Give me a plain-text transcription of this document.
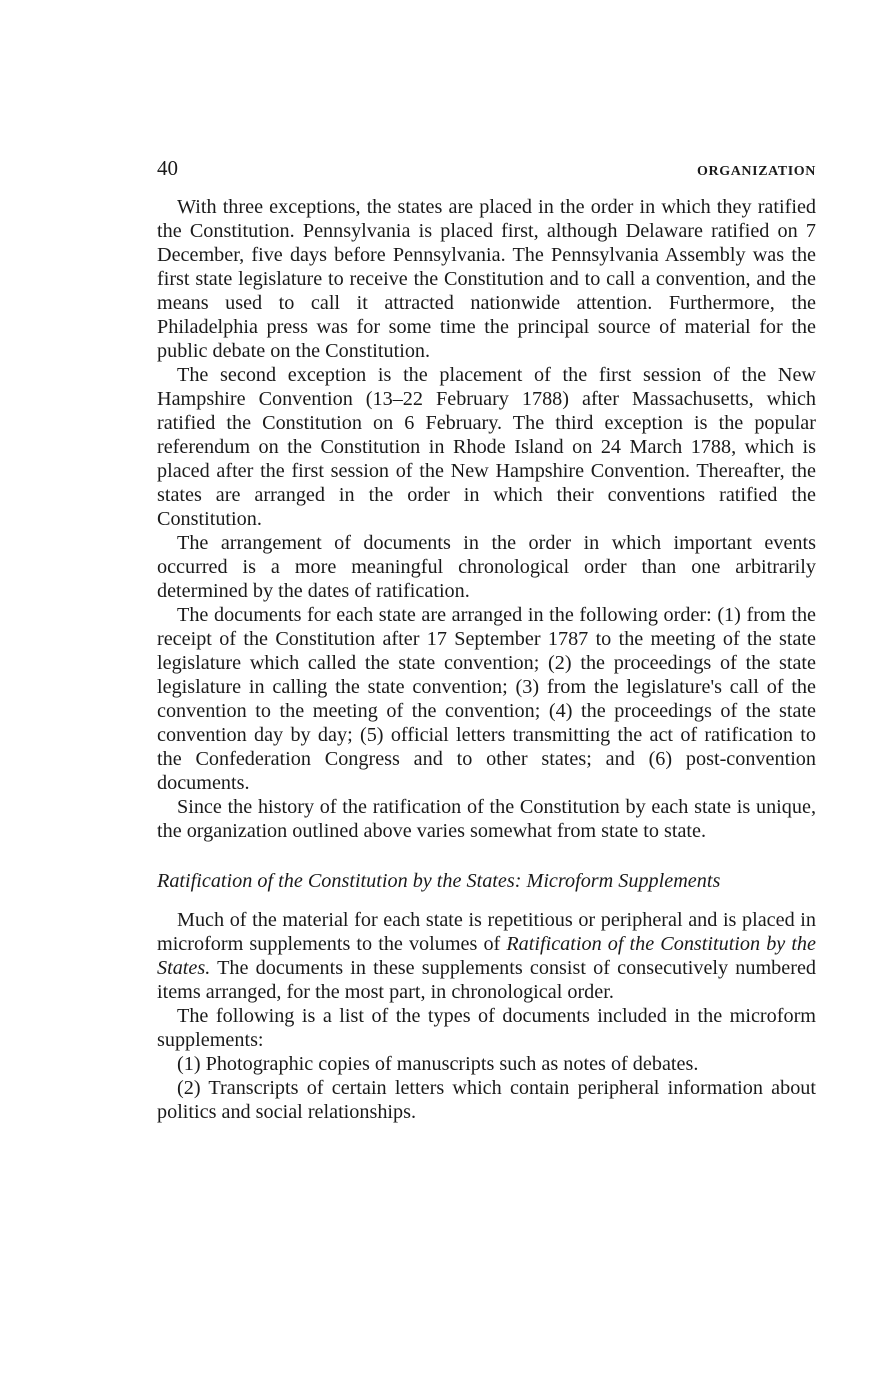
40	ORGANIZATION

With three exceptions, the states are placed in the order in which they ratified the Constitution. Pennsylvania is placed first, although Delaware ratified on 7 December, five days before Pennsylvania. The Pennsylvania Assembly was the first state legislature to receive the Constitution and to call a convention, and the means used to call it attracted nationwide attention. Furthermore, the Philadelphia press was for some time the principal source of material for the public debate on the Constitution.

The second exception is the placement of the first session of the New Hampshire Convention (13–22 February 1788) after Massachusetts, which ratified the Constitution on 6 February. The third exception is the popular referendum on the Constitution in Rhode Island on 24 March 1788, which is placed after the first session of the New Hampshire Convention. Thereafter, the states are arranged in the order in which their conventions ratified the Constitution.

The arrangement of documents in the order in which important events occurred is a more meaningful chronological order than one arbitrarily determined by the dates of ratification.

The documents for each state are arranged in the following order: (1) from the receipt of the Constitution after 17 September 1787 to the meeting of the state legislature which called the state convention; (2) the proceedings of the state legislature in calling the state convention; (3) from the legislature's call of the convention to the meeting of the convention; (4) the proceedings of the state convention day by day; (5) official letters transmitting the act of ratification to the Confederation Congress and to other states; and (6) post-convention documents.

Since the history of the ratification of the Constitution by each state is unique, the organization outlined above varies somewhat from state to state.

Ratification of the Constitution by the States: Microform Supplements

Much of the material for each state is repetitious or peripheral and is placed in microform supplements to the volumes of Ratification of the Constitution by the States. The documents in these supplements consist of consecutively numbered items arranged, for the most part, in chronological order.

The following is a list of the types of documents included in the microform supplements:

(1) Photographic copies of manuscripts such as notes of debates.

(2) Transcripts of certain letters which contain peripheral information about politics and social relationships.
